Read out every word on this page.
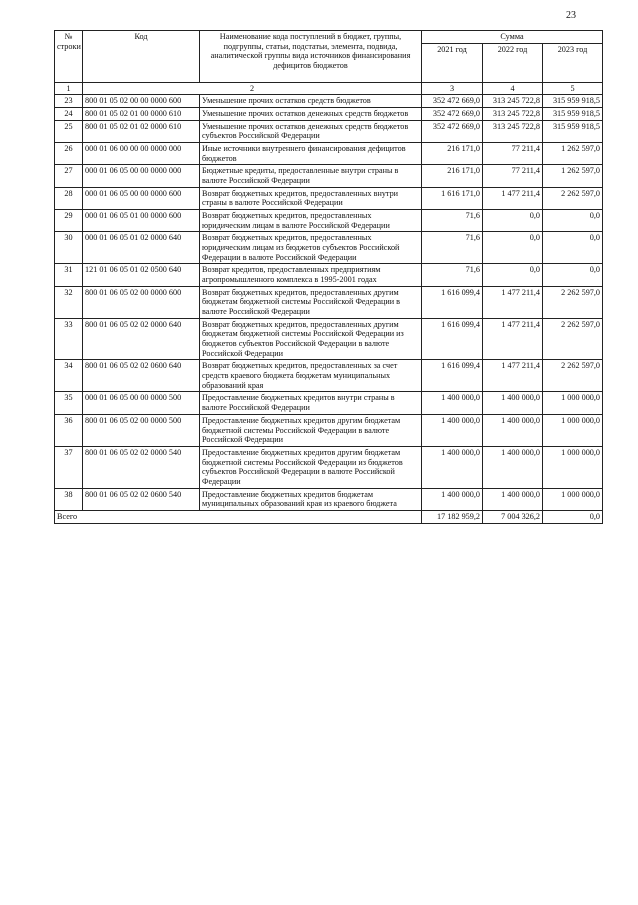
23
№ строки	Код	Наименование кода поступлений в бюджет, группы, подгруппы, статьи, подстатьи, элемента, подвида, аналитической группы вида источников финансирования дефицитов бюджетов	Сумма		
			2021 год	2022 год	2023 год
1	2		3	4	5
23	800 01 05 02 00 00 0000 600	Уменьшение прочих остатков средств бюджетов	352 472 669,0	313 245 722,8	315 959 918,5
24	800 01 05 02 01 00 0000 610	Уменьшение прочих остатков денежных средств бюджетов	352 472 669,0	313 245 722,8	315 959 918,5
25	800 01 05 02 01 02 0000 610	Уменьшение прочих остатков денежных средств бюджетов субъектов Российской Федерации	352 472 669,0	313 245 722,8	315 959 918,5
26	000 01 06 00 00 00 0000 000	Иные источники внутреннего финансирования дефицитов бюджетов	216 171,0	77 211,4	1 262 597,0
27	000 01 06 05 00 00 0000 000	Бюджетные кредиты, предоставленные внутри страны в валюте Российской Федерации	216 171,0	77 211,4	1 262 597,0
28	000 01 06 05 00 00 0000 600	Возврат бюджетных кредитов, предоставленных внутри страны в валюте Российской Федерации	1 616 171,0	1 477 211,4	2 262 597,0
29	000 01 06 05 01 00 0000 600	Возврат бюджетных кредитов, предоставленных юридическим лицам в валюте Российской Федерации	71,6	0,0	0,0
30	000 01 06 05 01 02 0000 640	Возврат бюджетных кредитов, предоставленных юридическим лицам из бюджетов субъектов Российской Федерации в валюте Российской Федерации	71,6	0,0	0,0
31	121 01 06 05 01 02 0500 640	Возврат кредитов, предоставленных предприятиям агропромышленного комплекса в 1995-2001 годах	71,6	0,0	0,0
32	800 01 06 05 02 00 0000 600	Возврат бюджетных кредитов, предоставленных другим бюджетам бюджетной системы Российской Федерации в валюте Российской Федерации	1 616 099,4	1 477 211,4	2 262 597,0
33	800 01 06 05 02 02 0000 640	Возврат бюджетных кредитов, предоставленных другим бюджетам бюджетной системы Российской Федерации из бюджетов субъектов Российской Федерации в валюте Российской Федерации	1 616 099,4	1 477 211,4	2 262 597,0
34	800 01 06 05 02 02 0600 640	Возврат бюджетных кредитов, предоставленных за счет средств краевого бюджета бюджетам муниципальных образований края	1 616 099,4	1 477 211,4	2 262 597,0
35	000 01 06 05 00 00 0000 500	Предоставление бюджетных кредитов внутри страны в валюте Российской Федерации	1 400 000,0	1 400 000,0	1 000 000,0
36	800 01 06 05 02 00 0000 500	Предоставление бюджетных кредитов другим бюджетам бюджетной системы Российской Федерации в валюте Российской Федерации	1 400 000,0	1 400 000,0	1 000 000,0
37	800 01 06 05 02 02 0000 540	Предоставление бюджетных кредитов другим бюджетам бюджетной системы Российской Федерации из бюджетов субъектов Российской Федерации в валюте Российской Федерации	1 400 000,0	1 400 000,0	1 000 000,0
38	800 01 06 05 02 02 0600 540	Предоставление бюджетных кредитов бюджетам муниципальных образований края из краевого бюджета	1 400 000,0	1 400 000,0	1 000 000,0
Всего			17 182 959,2	7 004 326,2	0,0
